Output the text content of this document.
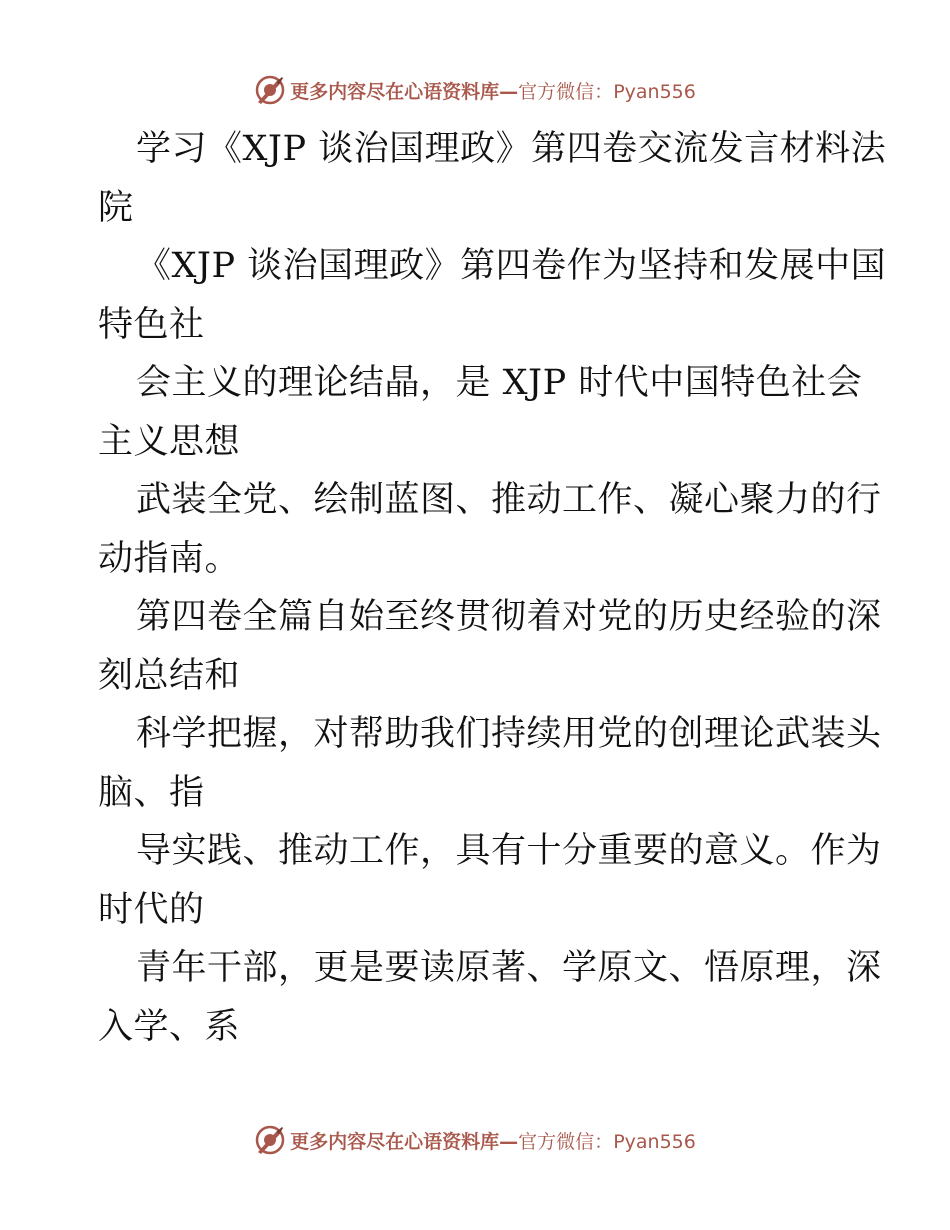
更多内容尽在心语资料库—官方微信：Pyan556
学习《XJP 谈治国理政》第四卷交流发言材料法
院
《XJP 谈治国理政》第四卷作为坚持和发展中国
特色社
会主义的理论结晶，是 XJP 时代中国特色社会
主义思想
武装全党、绘制蓝图、推动工作、凝心聚力的行
动指南。
第四卷全篇自始至终贯彻着对党的历史经验的深
刻总结和
科学把握，对帮助我们持续用党的创理论武装头
脑、指
导实践、推动工作，具有十分重要的意义。作为
时代的
青年干部，更是要读原著、学原文、悟原理，深
入学、系
更多内容尽在心语资料库—官方微信：Pyan556
